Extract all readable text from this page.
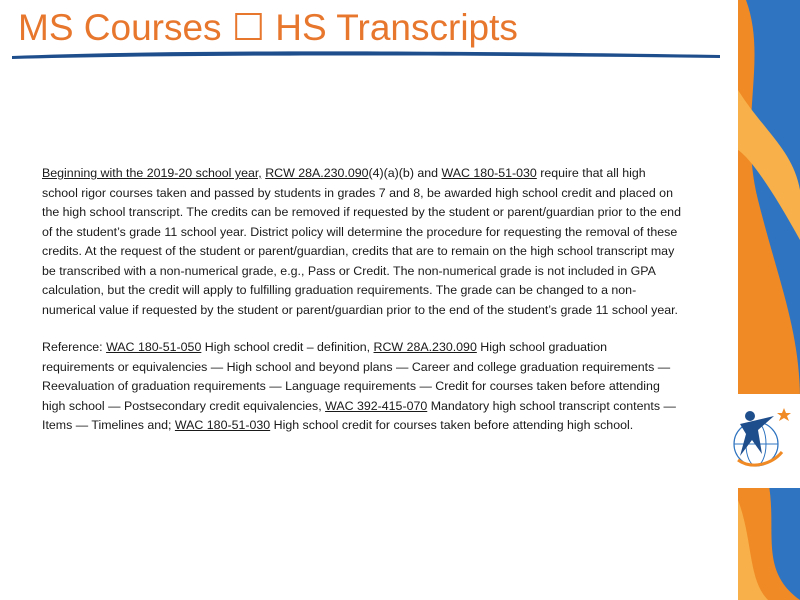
MS Courses ☐ HS Transcripts

Beginning with the 2019-20 school year, RCW 28A.230.090(4)(a)(b) and WAC 180-51-030 require that all high school rigor courses taken and passed by students in grades 7 and 8, be awarded high school credit and placed on the high school transcript. The credits can be removed if requested by the student or parent/guardian prior to the end of the student’s grade 11 school year. District policy will determine the procedure for requesting the removal of these credits. At the request of the student or parent/guardian, credits that are to remain on the high school transcript may be transcribed with a non-numerical grade, e.g., Pass or Credit. The non-numerical grade is not included in GPA calculation, but the credit will apply to fulfilling graduation requirements. The grade can be changed to a non-numerical value if requested by the student or parent/guardian prior to the end of the student’s grade 11 school year.

Reference: WAC 180-51-050 High school credit – definition, RCW 28A.230.090 High school graduation requirements or equivalencies — High school and beyond plans — Career and college graduation requirements — Reevaluation of graduation requirements — Language requirements — Credit for courses taken before attending high school — Postsecondary credit equivalencies, WAC 392-415-070 Mandatory high school transcript contents — Items — Timelines and; WAC 180-51-030 High school credit for courses taken before attending high school.
